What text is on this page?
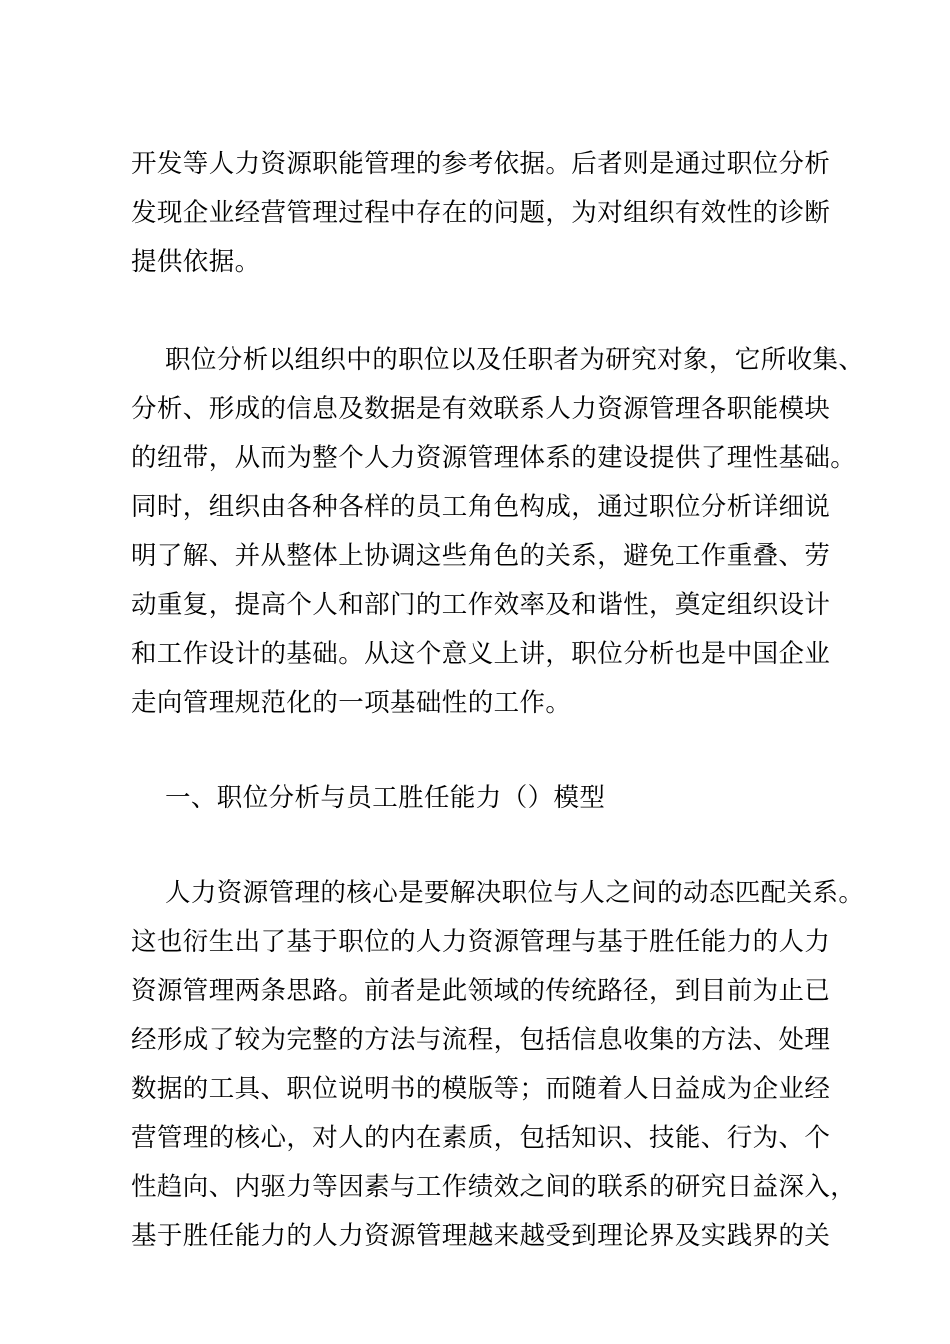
开发等人力资源职能管理的参考依据。后者则是通过职位分析
发现企业经营管理过程中存在的问题，为对组织有效性的诊断
提供依据。
职位分析以组织中的职位以及任职者为研究对象，它所收集、
分析、形成的信息及数据是有效联系人力资源管理各职能模块
的纽带，从而为整个人力资源管理体系的建设提供了理性基础。
同时，组织由各种各样的员工角色构成，通过职位分析详细说
明了解、并从整体上协调这些角色的关系，避免工作重叠、劳
动重复，提高个人和部门的工作效率及和谐性，奠定组织设计
和工作设计的基础。从这个意义上讲，职位分析也是中国企业
走向管理规范化的一项基础性的工作。
一、职位分析与员工胜任能力（）模型
人力资源管理的核心是要解决职位与人之间的动态匹配关系。
这也衍生出了基于职位的人力资源管理与基于胜任能力的人力
资源管理两条思路。前者是此领域的传统路径，到目前为止已
经形成了较为完整的方法与流程，包括信息收集的方法、处理
数据的工具、职位说明书的模版等；而随着人日益成为企业经
营管理的核心，对人的内在素质，包括知识、技能、行为、个
性趋向、内驱力等因素与工作绩效之间的联系的研究日益深入，
基于胜任能力的人力资源管理越来越受到理论界及实践界的关
